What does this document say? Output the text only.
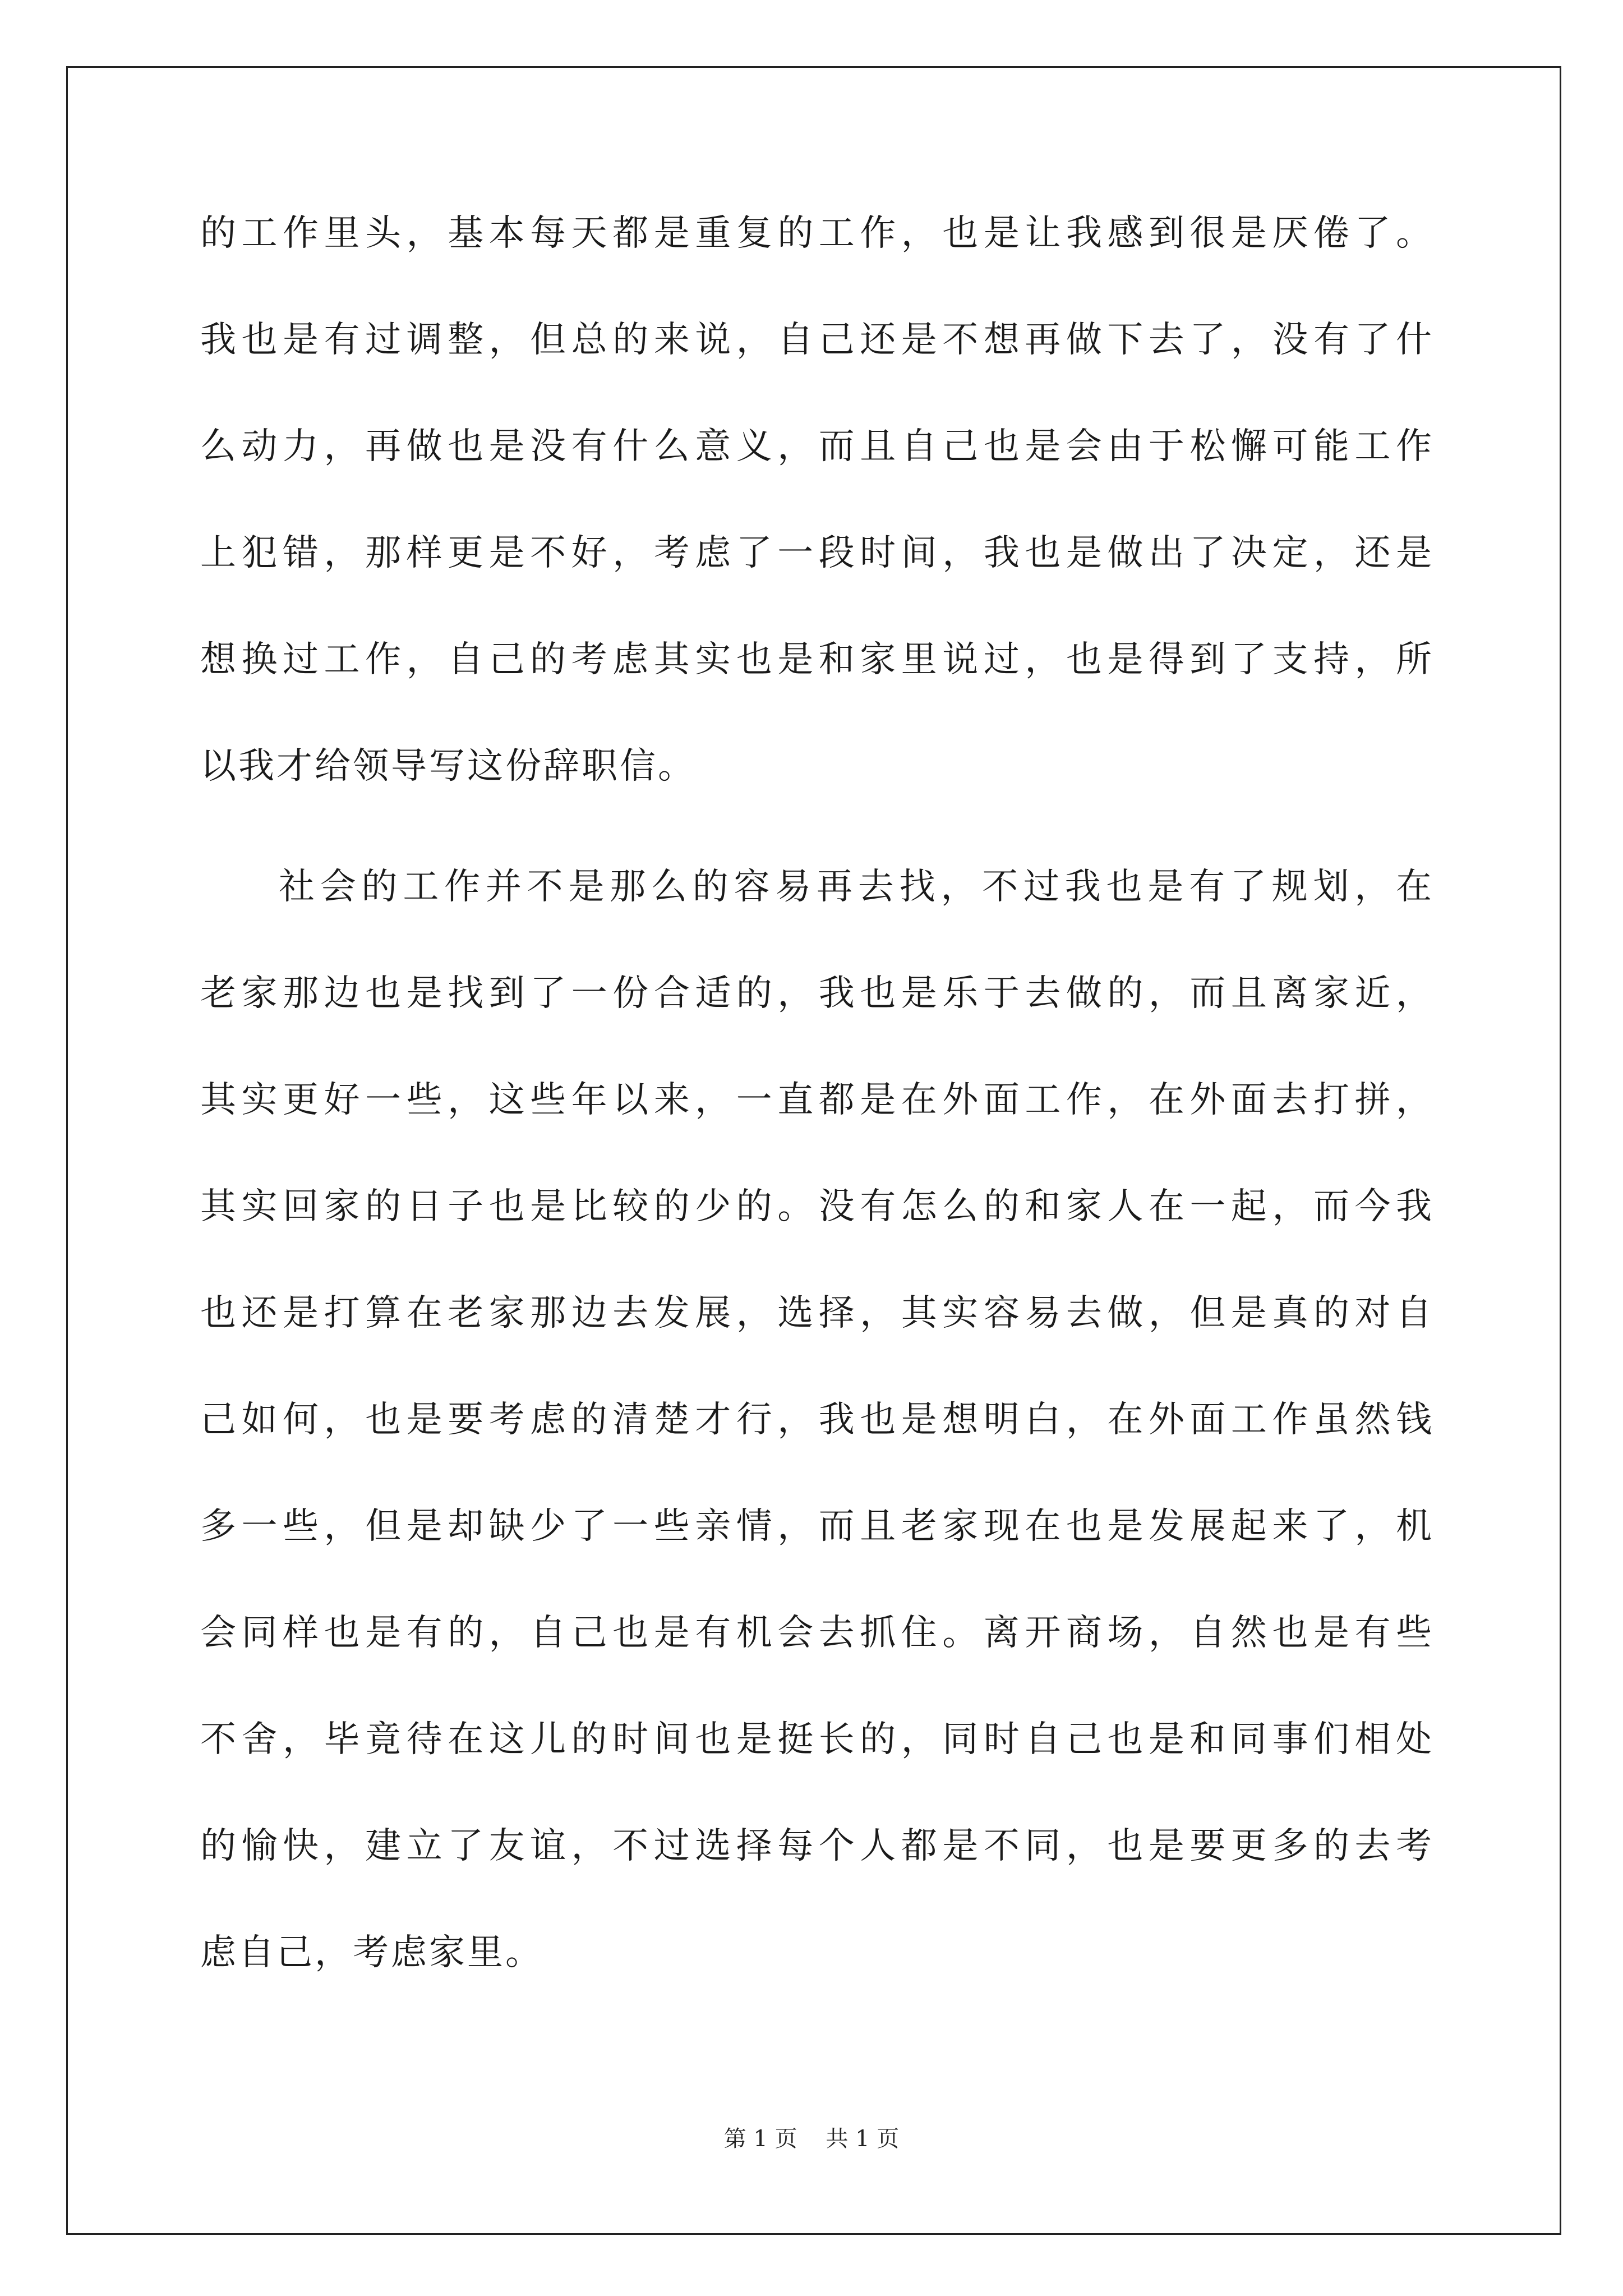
的工作里头，基本每天都是重复的工作，也是让我感到很是厌倦了。
我也是有过调整，但总的来说，自己还是不想再做下去了，没有了什
么动力，再做也是没有什么意义，而且自己也是会由于松懈可能工作
上犯错，那样更是不好，考虑了一段时间，我也是做出了决定，还是
想换过工作，自己的考虑其实也是和家里说过，也是得到了支持，所
以我才给领导写这份辞职信。
社会的工作并不是那么的容易再去找，不过我也是有了规划，在
老家那边也是找到了一份合适的，我也是乐于去做的，而且离家近，
其实更好一些，这些年以来，一直都是在外面工作，在外面去打拼，
其实回家的日子也是比较的少的。没有怎么的和家人在一起，而今我
也还是打算在老家那边去发展，选择，其实容易去做，但是真的对自
己如何，也是要考虑的清楚才行，我也是想明白，在外面工作虽然钱
多一些，但是却缺少了一些亲情，而且老家现在也是发展起来了，机
会同样也是有的，自己也是有机会去抓住。离开商场，自然也是有些
不舍，毕竟待在这儿的时间也是挺长的，同时自己也是和同事们相处
的愉快，建立了友谊，不过选择每个人都是不同，也是要更多的去考
虑自己，考虑家里。
第 1 页    共 1 页
